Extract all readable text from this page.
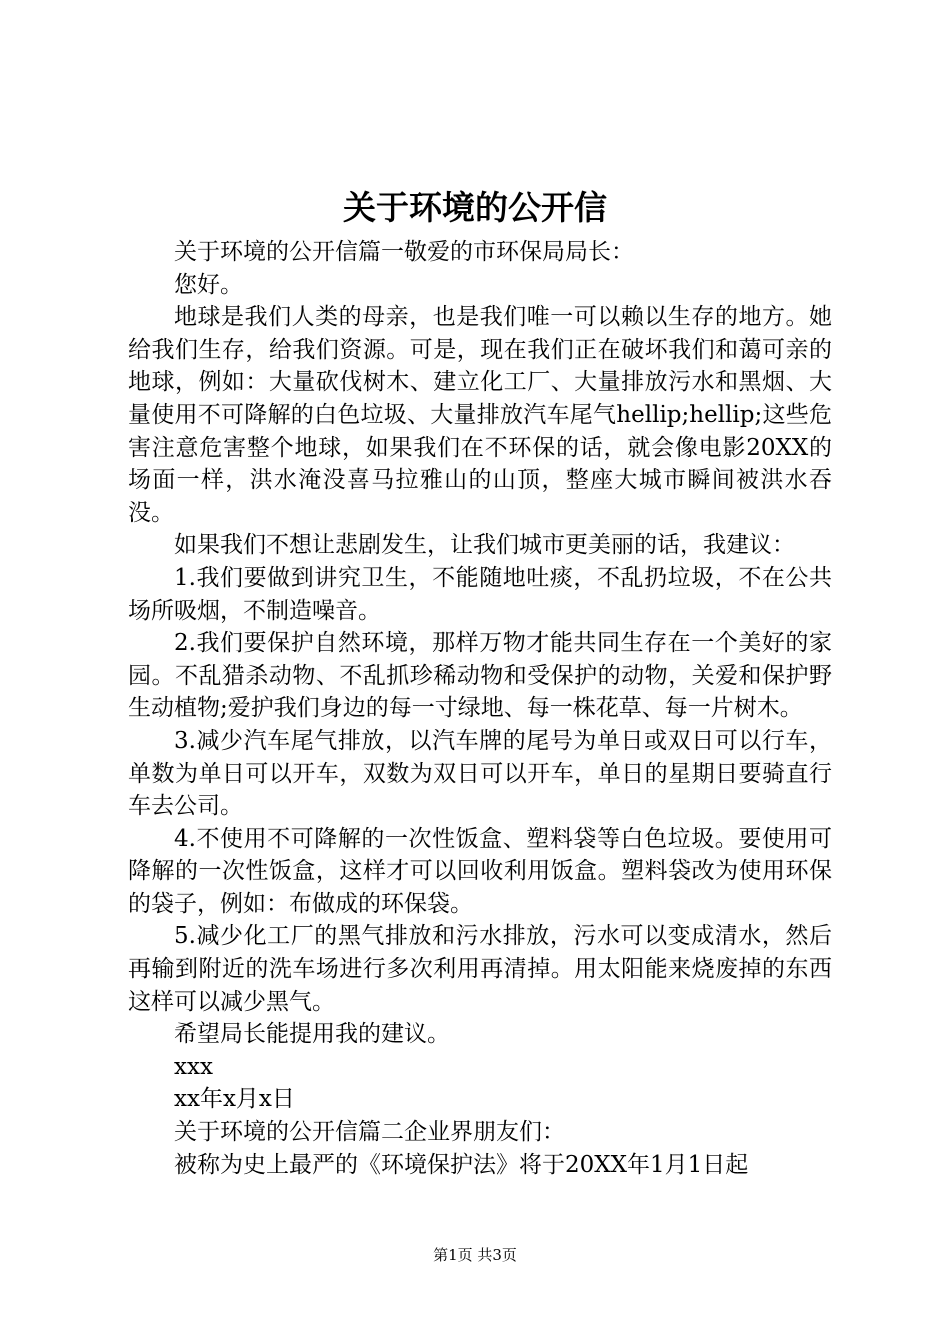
关于环境的公开信

关于环境的公开信篇一敬爱的市环保局局长：

您好。

地球是我们人类的母亲，也是我们唯一可以赖以生存的地方。她给我们生存，给我们资源。可是，现在我们正在破坏我们和蔼可亲的地球，例如：大量砍伐树木、建立化工厂、大量排放污水和黑烟、大量使用不可降解的白色垃圾、大量排放汽车尾气hellip;hellip;这些危害注意危害整个地球，如果我们在不环保的话，就会像电影20XX的场面一样，洪水淹没喜马拉雅山的山顶，整座大城市瞬间被洪水吞没。

如果我们不想让悲剧发生，让我们城市更美丽的话，我建议：

1.我们要做到讲究卫生，不能随地吐痰，不乱扔垃圾，不在公共场所吸烟，不制造噪音。

2.我们要保护自然环境，那样万物才能共同生存在一个美好的家园。不乱猎杀动物、不乱抓珍稀动物和受保护的动物，关爱和保护野生动植物;爱护我们身边的每一寸绿地、每一株花草、每一片树木。

3.减少汽车尾气排放，以汽车牌的尾号为单日或双日可以行车，单数为单日可以开车，双数为双日可以开车，单日的星期日要骑直行车去公司。

4.不使用不可降解的一次性饭盒、塑料袋等白色垃圾。要使用可降解的一次性饭盒，这样才可以回收利用饭盒。塑料袋改为使用环保的袋子，例如：布做成的环保袋。

5.减少化工厂的黑气排放和污水排放，污水可以变成清水，然后再输到附近的洗车场进行多次利用再清掉。用太阳能来烧废掉的东西这样可以减少黑气。

希望局长能提用我的建议。

xxx

xx年x月x日

关于环境的公开信篇二企业界朋友们：

被称为史上最严的《环境保护法》将于20XX年1月1日起

第1页 共3页
